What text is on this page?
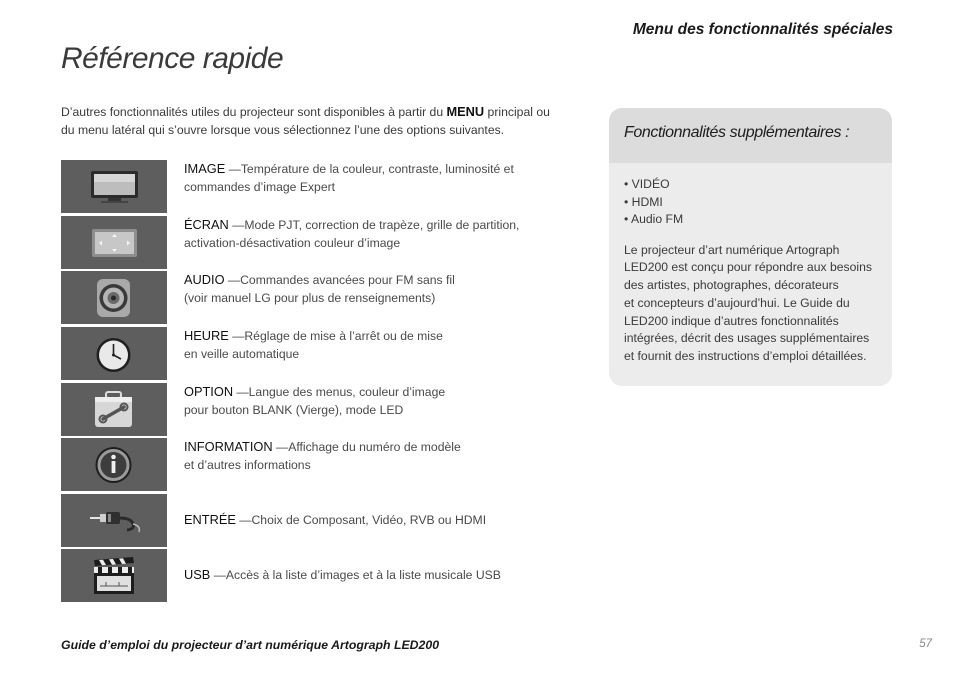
Menu des fonctionnalités spéciales
Référence rapide
D’autres fonctionnalités utiles du projecteur sont disponibles à partir du MENU principal ou du menu latéral qui s’ouvre lorsque vous sélectionnez l’une des options suivantes.
IMAGE —Température de la couleur, contraste, luminosité et
commandes d’image Expert
ÉCRAN —Mode PJT, correction de trapèze, grille de partition,
activation-désactivation couleur d’image
AUDIO —Commandes avancées pour FM sans fil
(voir manuel LG pour plus de renseignements)
HEURE —Réglage de mise à l’arrêt ou de mise
en veille automatique
OPTION —Langue des menus, couleur d’image
pour bouton BLANK (Vierge), mode LED
INFORMATION —Affichage du numéro de modèle
et d’autres informations
ENTRÉE —Choix de Composant, Vidéo, RVB ou HDMI
USB —Accès à la liste d’images et à la liste musicale USB
Fonctionnalités supplémentaires :
• VIDÉO
• HDMI
• Audio FM
Le projecteur d’art numérique Artograph
LED200 est conçu pour répondre aux besoins
des artistes, photographes, décorateurs
et concepteurs d’aujourd’hui. Le Guide du
LED200 indique d’autres fonctionnalités
intégrées, décrit des usages supplémentaires
et fournit des instructions d’emploi détaillées.
Guide d’emploi du projecteur d’art numérique Artograph LED200	57
